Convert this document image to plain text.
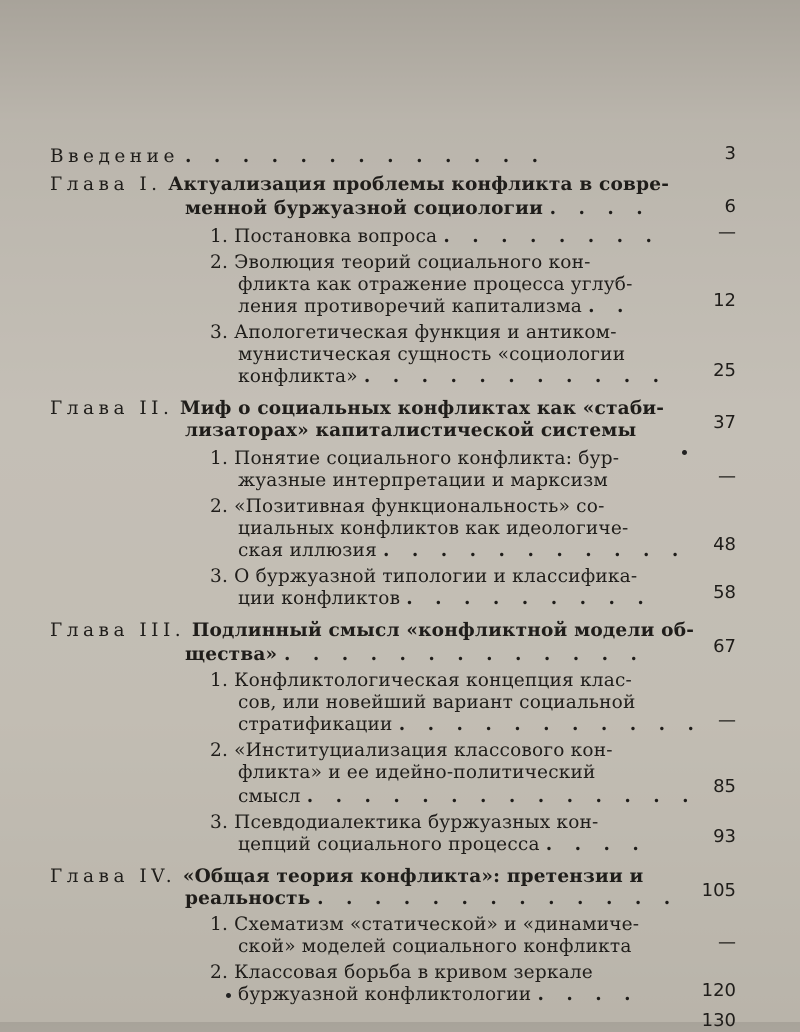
Введение . . . . . . . . . . . . .	3
Глава I. Актуализация проблемы конфликта в совре-
менной буржуазной социологии . . . .	6
1. Постановка вопроса . . . . . . . .	—
2. Эволюция теорий социального кон-
фликта как отражение процесса углуб-
ления противоречий капитализма . .	12
3. Апологетическая функция и антиком-
мунистическая сущность «социологии
конфликта» . . . . . . . . . . .	25
Глава II. Миф о социальных конфликтах как «стаби-
лизаторах» капиталистической системы	37
1. Понятие социального конфликта: бур-
жуазные интерпретации и марксизм	—
2. «Позитивная функциональность» со-
циальных конфликтов как идеологиче-
ская иллюзия . . . . . . . . . . .	48
3. О буржуазной типологии и классифика-
ции конфликтов . . . . . . . . .	58
Глава III. Подлинный смысл «конфликтной модели об-
щества» . . . . . . . . . . . . .	67
1. Конфликтологическая концепция клас-
сов, или новейший вариант социальной
стратификации . . . . . . . . . . . —
2. «Институциализация классового кон-
фликта» и ее идейно-политический
смысл . . . . . . . . . . . . . . 85
3. Псевдодиалектика буржуазных кон-
цепций социального процесса . . . .	93
Глава IV. «Общая теория конфликта»: претензии и
реальность . . . . . . . . . . . . .	105
1. Схематизм «статической» и «динамиче-
ской» моделей социального конфликта	—
2. Классовая борьба в кривом зеркале
буржуазной конфликтологии . . . .	120
130
